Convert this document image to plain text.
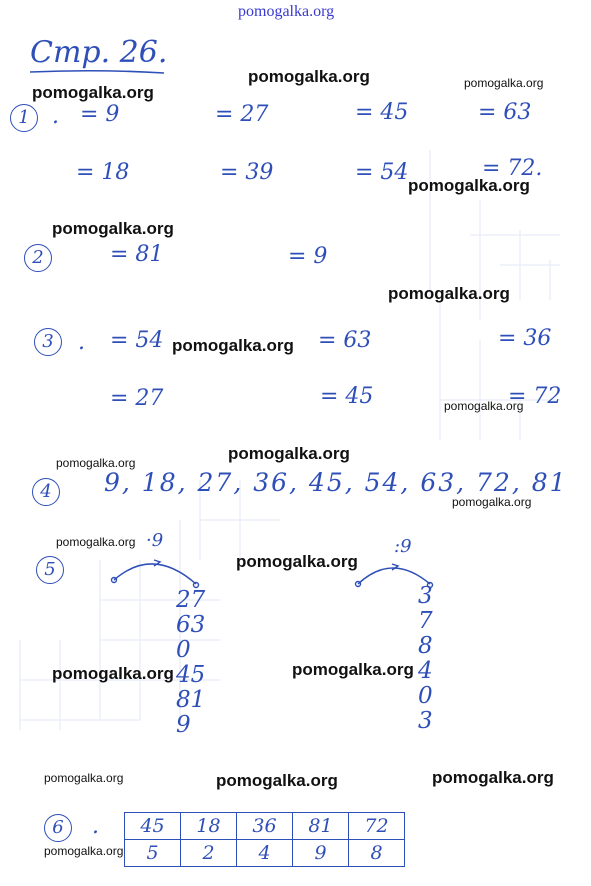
pomogalka.org
Стр. 26.
1	. = 9	= 27	= 45	= 63
= 18	= 39	= 54	= 72.
2	= 81	= 9
3	. = 54	= 63	= 36
= 27	= 45	= 72
4	9, 18, 27, 36, 45, 54, 63, 72, 81
5
·9	:9
27
63
0
45
81
9
3
7
8
4
0
3
6	. 45	18	36	81	72
5	2	4	9	8
pomogalka.org	pomogalka.org
pomogalka.org
pomogalka.org
pomogalka.org
pomogalka.org
pomogalka.org
pomogalka.org
pomogalka.org
pomogalka.org
pomogalka.org
pomogalka.org
pomogalka.org
pomogalka.org
pomogalka.org
pomogalka.org	pomogalka.org	pomogalka.org
pomogalka.org
